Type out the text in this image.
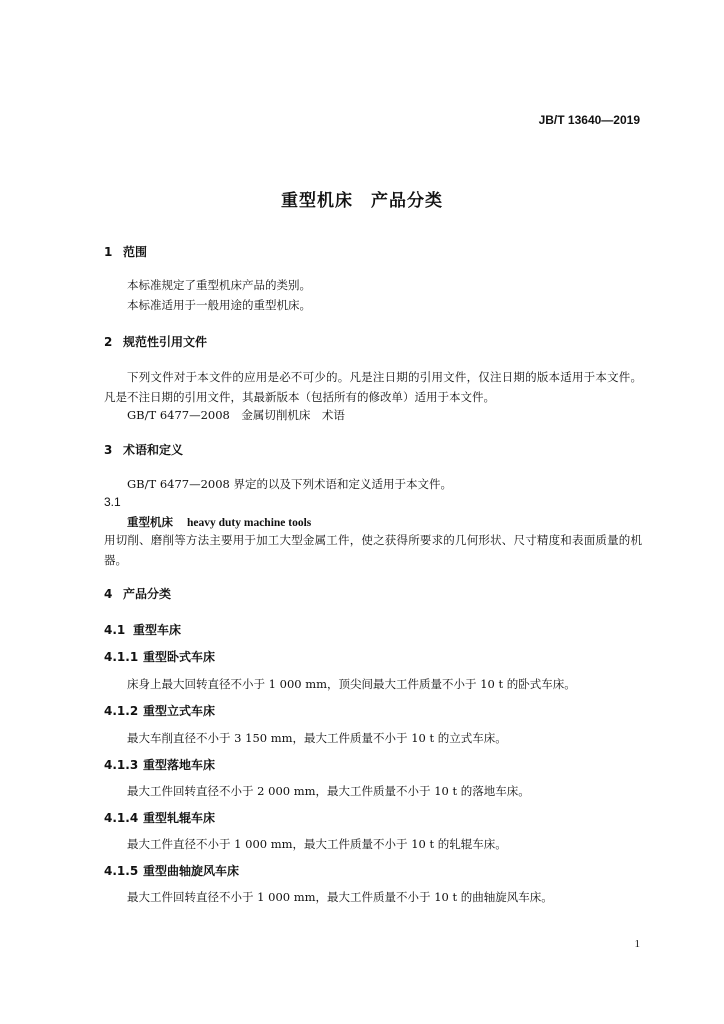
JB/T 13640—2019
重型机床　产品分类
1 范围
本标准规定了重型机床产品的类别。
本标准适用于一般用途的重型机床。
2 规范性引用文件
下列文件对于本文件的应用是必不可少的。凡是注日期的引用文件，仅注日期的版本适用于本文件。凡是不注日期的引用文件，其最新版本（包括所有的修改单）适用于本文件。
GB/T 6477—2008　金属切削机床　术语
3 术语和定义
GB/T 6477—2008 界定的以及下列术语和定义适用于本文件。
3.1
重型机床 heavy duty machine tools
用切削、磨削等方法主要用于加工大型金属工件，使之获得所要求的几何形状、尺寸精度和表面质量的机器。
4 产品分类
4.1 重型车床
4.1.1 重型卧式车床
床身上最大回转直径不小于 1 000 mm，顶尖间最大工件质量不小于 10 t 的卧式车床。
4.1.2 重型立式车床
最大车削直径不小于 3 150 mm，最大工件质量不小于 10 t 的立式车床。
4.1.3 重型落地车床
最大工件回转直径不小于 2 000 mm，最大工件质量不小于 10 t 的落地车床。
4.1.4 重型轧辊车床
最大工件直径不小于 1 000 mm，最大工件质量不小于 10 t 的轧辊车床。
4.1.5 重型曲轴旋风车床
最大工件回转直径不小于 1 000 mm，最大工件质量不小于 10 t 的曲轴旋风车床。
1
